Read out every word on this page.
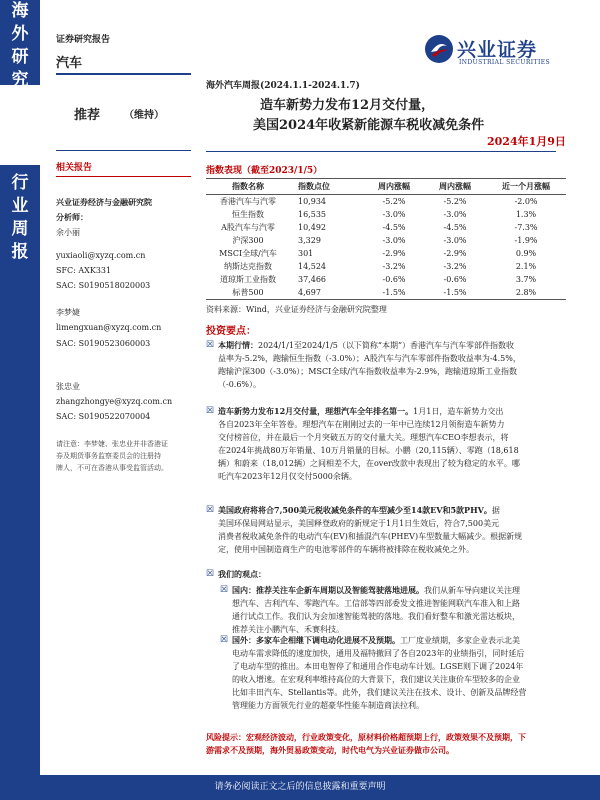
海
外
研
究
行
业
周
报
证券研究报告
汽车
兴业证券
INDUSTRIAL SECURITIES
海外汽车周报(2024.1.1-2024.1.7)
造车新势力发布12月交付量，
美国2024年收紧新能源车税收减免条件
2024年1月9日
推荐 （维持）
相关报告
兴业证券经济与金融研究院
分析师：
余小丽
yuxiaoli@xyzq.com.cn
SFC: AXK331
SAC: S0190518020003
李梦婕
limengxuan@xyzq.com.cn
SAC: S0190523060003
张忠业
zhangzhongye@xyzq.com.cn
SAC: S0190522070004
请注意：李梦婕、张忠业并非香港证
券及期货事务监察委员会的注册持
牌人，不可在香港从事受监管活动。
指数表现（截至2023/1/5）
指数名称	指数点位	周内涨幅	周内涨幅	近一个月涨幅
香港汽车与汽零	10,934	-5.2%	-5.2%	-2.0%
恒生指数	16,535	-3.0%	-3.0%	1.3%
A股汽车与汽零	10,492	-4.5%	-4.5%	-7.3%
沪深300	3,329	-3.0%	-3.0%	-1.9%
MSCI全球/汽车	301	-2.9%	-2.9%	0.9%
纳斯达克指数	14,524	-3.2%	-3.2%	2.1%
道琼斯工业指数	37,466	-0.6%	-0.6%	3.7%
标普500	4,697	-1.5%	-1.5%	2.8%
资料来源：Wind，兴业证券经济与金融研究院整理
投资要点：
☒ 本期行情：2024/1/1至2024/1/5（以下简称“本期”）香港汽车与汽车零部件指数收
益率为-5.2%，跑输恒生指数（-3.0%）；A股汽车与汽车零部件指数收益率为-4.5%，
跑输沪深300（-3.0%）；MSCI全球/汽车指数收益率为-2.9%，跑输道琼斯工业指数
（-0.6%）。
☒ 造车新势力发布12月交付量，理想汽车全年排名第一。1月1日，造车新势力交出
各自2023年全年答卷。理想汽车在刚刚过去的一年中已连续12月领衔造车新势力
交付榜首位，并在最后一个月突破五万的交付量大关。理想汽车CEO李想表示，将
在2024年挑战80万年销量、10万月销量的目标。小鹏（20,115辆）、零跑（18,618
辆）和蔚来（18,012辆）之间相差不大，在over改款中表现出了较为稳定的水平。哪
吒汽车2023年12月仅交付5000余辆。
☒ 美国政府将将合7,500美元税收减免条件的车型减少至14款EV和5款PHV。据
美国环保局网站显示，美国释登政府的新规定于1月1日生效后，符合7,500美元
消费者税收减免条件的电动汽车(EV)和插混汽车(PHEV)车型数量大幅减少。根据新规
定，使用中国制造商生产的电池零部件的车辆将被排除在税收减免之外。
☒ 我们的观点：
☒ 国内：推荐关注车企新车周期以及智能驾驶落地进展。我们从新车导向建议关注理
想汽车、吉利汽车、零跑汽车。工信部等四部委发文推进智能网联汽车准入和上路
通行试点工作。我们认为会加速智能驾驶的落地。我们看好整车和激光雷达板块，
推荐关注小鹏汽车、禾赛科技。
☒ 国外：多家车企相继下调电动化进展不及预期。工厂度业绩期，多家企业表示北美
电动车需求降低的速度加快，通用及福特撤回了各自2023年的业绩指引，同时延后
了电动车型的推出。本田电智停了和通用合作电动车计划。LGSE则下调了2024年
的收入增速。在宏观利率维持高位的大背景下，我们建议关注康价车型较多的企业
比如丰田汽车、Stellantis等。此外，我们建议关注在技术、设计、创新及品牌经营
管理能力方面领先行业的超豪华性能车制造商法拉利。
风险提示：宏观经济波动，行业政策变化，原材料价格超预期上行，政策效果不及预期，下
游需求不及预期，海外贸易政策变动，时代电气为兴业证券做市公司。
请务必阅读正文之后的信息披露和重要声明
